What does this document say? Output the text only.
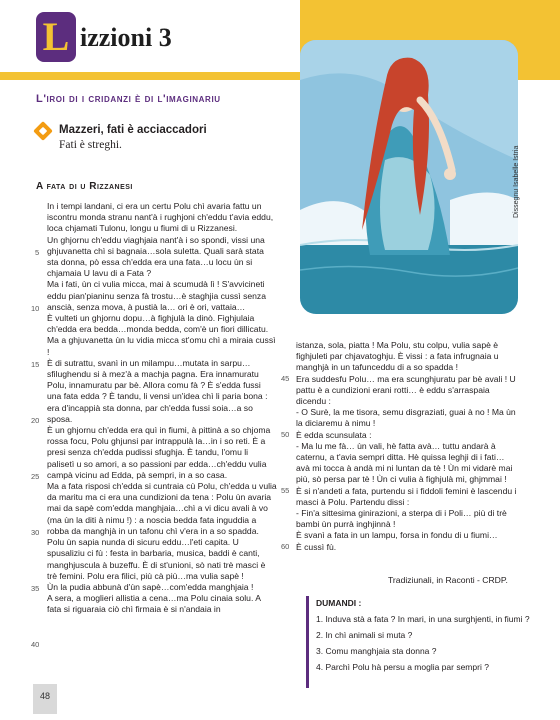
L izzioni 3
L'iroi di i cridanzi è di l'imaginariu
Mazzeri, fati è acciaccadori
Fati è streghi.
Dissegnu Isabelle Istria
A fata di u Rizzanesi

In i tempi landani, ci era un certu Polu chì avaria fattu un iscontru monda stranu nant'à i rughjoni ch'eddu t'avia eddu, loca chjamati Tulonu, longu u fiumi di u Rizzanesi.

Un ghjornu ch'eddu viaghjaia nant'à i so spondi, vissi una ghjuvanetta chì si bagnaia…sola suletta. Quali sarà stata sta donna, pò essa ch'edda era una fata…u locu ùn si chjamaia U lavu di a Fata ?

Ma i fati, ùn ci vulia micca, mai à scumudà lì ! S'avvicineti eddu pian'pianinu senza fà trostu…è staghjia cussì senza anscià, senza mova, à pustià la… ori è ori, vattaia…

È vulteti un ghjornu dopu…à fighjulà la dinò. Fighjulaia ch'edda era bedda…monda bedda, com'è un fiori dillicatu. Ma a ghjuvanetta ùn lu vidia micca st'omu chì a miraia cussì !

È di sutrattu, svanì in un milampu…mutata in sarpu…sfilughendu si à mez'à a machja pagna. Era innamuratu Polu, innamuratu par bè. Allora comu fà ? È s'edda fussi una fata edda ? È tandu, li vensi un'idea chì li paria bona : era d'incappià sta donna, par ch'edda fussi soia…a so sposa.

È un ghjornu ch'edda era quì in fiumi, à pittinà a so chjoma rossa focu, Polu ghjunsi par intrappulà la…in i so reti. È a presi senza ch'edda pudissi sfughja. È tandu, l'omu li palisetì u so amori, a so passioni par edda…ch'eddu vulia campà vicinu ad Edda, pà sempri, in a so casa.

Ma a fata risposi ch'edda si cuntraia cù Polu, ch'edda u vulia da maritu ma ci era una cundizioni da tena : Polu ùn avaria mai da sapè com'edda manghjaia…chì a vi dicu avali à vo (ma ùn la diti à nimu !) : a noscia bedda fata inguddia a robba da manghjà in un tafonu chì v'era in a so spadda. Polu ùn sapia nunda di sicuru eddu…l'eti capita. U spusaliziu ci fù : festa in barbaria, musica, baddi è canti, manghjuscula à buzeffu. È di st'unioni, sò nati trè masci è trè femini. Polu era filici, più cà più…ma vulia sapè !

Ùn la pudia abbunà d'ùn sapè…com'edda manghjaia !

A sera, a moglieri allistia a cena…ma Polu cinaia solu. A fata si riguaraia ciò chì firmaia è si n'andaia in

istanza, sola, piatta ! Ma Polu, stu colpu, vulia sapè è fighjuleti par chjavatoghju. È vissi : a fata infrugnaia u manghjà in un tafunceddu di a so spadda !

Era suddesfu Polu… ma era scunghjuratu par bè avali ! U pattu è a cundizioni erani rotti… è eddu s'arraspaia dicendu :

- O Surè, la me tisora, semu disgraziati, guai à no ! Ma ùn la diciaremu à nimu !

È edda scunsulata :

- Ma lu me fà… ùn vali, hè fatta avà… tuttu andarà à caternu, a t'avia sempri ditta. Hè quissa leghji di i fati… avà mi tocca à andà mi ni luntan da tè ! Ùn mi vidarè mai più, sò persa par tè ! Ùn ci vulia à fighjulà mi, ghjmmai !

È si n'andeti a fata, purtendu si i fiddoli femini è lascendu i masci à Polu. Partendu dissi :

- Fin'a sittesima ginirazioni, a sterpa di i Poli… più di trè bambi ùn purrà inghjinnà !

È svanì a fata in un lampu, forsa in fondu di u fiumi…

È cussì fù.

5
10
15
20
25
30
35
40
45
50
55
60
Tradiziunali, in Raconti - CRDP.
DUMANDI :
1. Induva stà a fata ? In mari, in una surghjenti, in fiumi ?
2. In chì animali si muta ?
3. Comu manghjaia sta donna ?
4. Parchì Polu hà persu a moglia par sempri ?
48
